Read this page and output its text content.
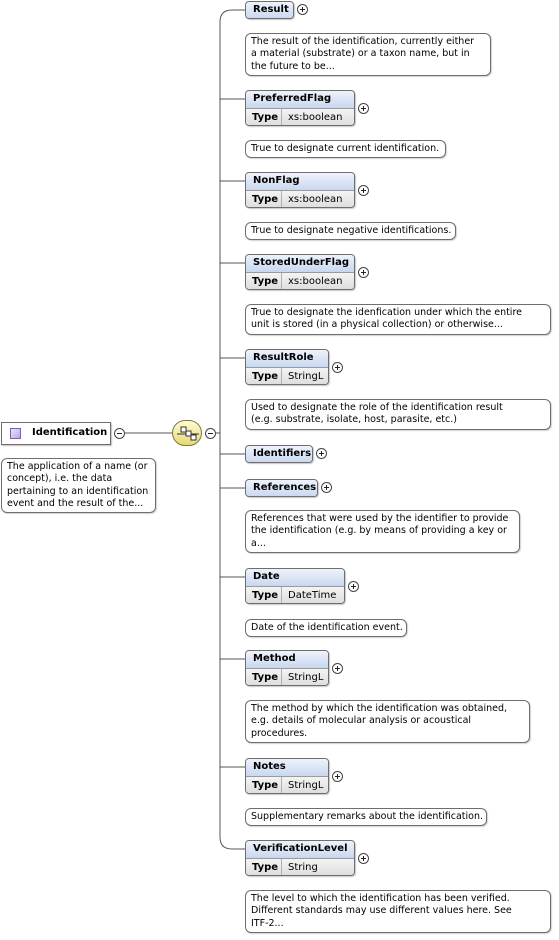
Identification
The application of a name (or
concept), i.e. the data
pertaining to an identification
event and the result of the...
Result
The result of the identification, currently either
a material (substrate) or a taxon name, but in
the future to be...
PreferredFlag
Type xs:boolean
True to designate current identification.
NonFlag
Type xs:boolean
True to designate negative identifications.
StoredUnderFlag
Type xs:boolean
True to designate the idenfication under which the entire
unit is stored (in a physical collection) or otherwise...
ResultRole
Type StringL
Used to designate the role of the identification result
(e.g. substrate, isolate, host, parasite, etc.)
Identifiers
References
References that were used by the identifier to provide
the identification (e.g. by means of providing a key or
a...
Date
Type DateTime
Date of the identification event.
Method
Type StringL
The method by which the identification was obtained,
e.g. details of molecular analysis or acoustical
procedures.
Notes
Type StringL
Supplementary remarks about the identification.
VerificationLevel
Type String
The level to which the identification has been verified.
Different standards may use different values here. See
ITF-2...
